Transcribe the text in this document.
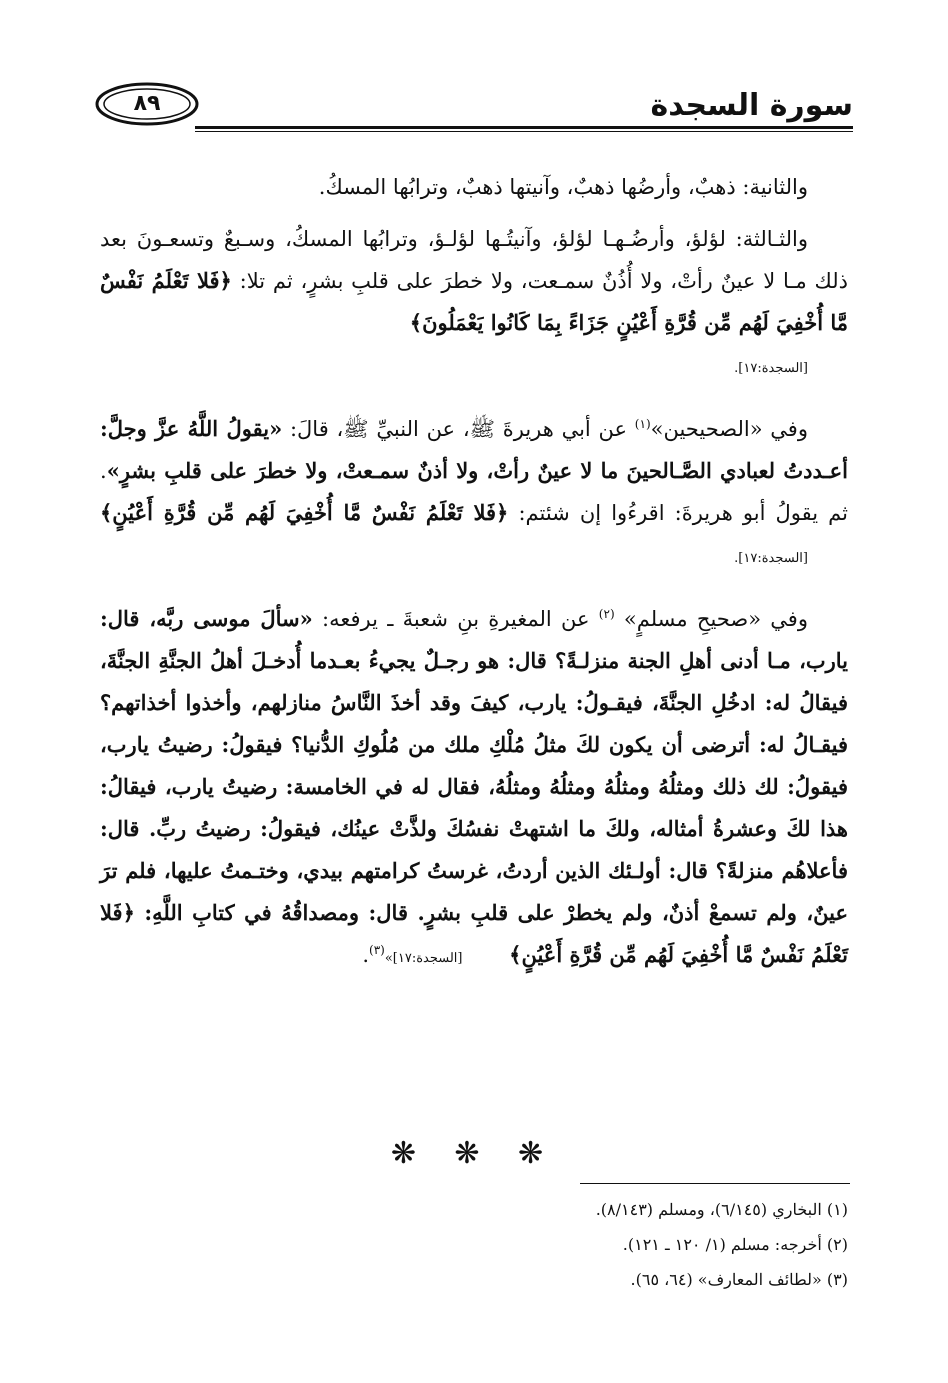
سورة السجدة
٨٩

والثانية: ذهبٌ، وأرضُها ذهبٌ، وآنيتها ذهبٌ، وترابُها المسكُ.

والثـالثة: لؤلؤ، وأرضُـهـا لؤلؤ، وآنيتُـها لؤلـؤ، وترابُها المسكُ، وسـبعٌ وتسعـونَ بعد ذلك مـا لا عينٌ رأتْ، ولا أُذُنٌ سمـعت، ولا خطرَ على قلبِ بشرٍ، ثم تلا: ﴿فَلا تَعْلَمُ نَفْسٌ مَّا أُخْفِيَ لَهُم مِّن قُرَّةِ أَعْيُنٍ جَزَاءً بِمَا كَانُوا يَعْمَلُونَ﴾
[السجدة:١٧].

وفي «الصحيحين»$^{(١)}$ عن أبي هريرةَ ﷺ، عن النبيِّ ﷺ، قالَ: «يقولُ اللَّهُ عزَّ وجلَّ: أعـددتُ لعبادي الصَّـالحينَ ما لا عينٌ رأتْ، ولا أذنٌ سمـعتْ، ولا خطرَ على قلبِ بشرٍ». ثم يقولُ أبو هريرةَ: اقرءُوا إن شئتم: ﴿فَلا تَعْلَمُ نَفْسٌ مَّا أُخْفِيَ لَهُم مِّن قُرَّةِ أَعْيُنٍ﴾ [السجدة:١٧].

وفي «صحيحِ مسلمٍ» $^{(٢)}$ عن المغيرةِ بنِ شعبةَ ـ يرفعه: «سألَ موسى ربَّه، قال: يارب، مـا أدنى أهلِ الجنة منزلـةً؟ قال: هو رجـلٌ يجيءُ بعـدما أُدخـلَ أهلُ الجنَّةِ الجنَّةَ، فيقالُ له: ادخُلِ الجنَّةَ، فيقـولُ: يارب، كيفَ وقد أخذَ النَّاسُ منازلهم، وأخذوا أخذاتهم؟ فيقـالُ له: أترضى أن يكون لكَ مثلُ مُلْكِ ملك من مُلُوكِ الدُّنيا؟ فيقولُ: رضيتُ يارب، فيقولُ: لك ذلك ومثلُهُ ومثلُهُ ومثلُهُ ومثلُهُ، فقال له في الخامسة: رضيتُ يارب، فيقالُ: هذا لكَ وعشرةُ أمثاله، ولكَ ما اشتهتْ نفسُكَ ولذَّتْ عينُك، فيقولُ: رضيتُ ربِّ. قال: فأعلاهُم منزلةً؟ قال: أولـئك الذين أردتُ، غرستُ كرامتهم بيدي، وختـمتُ عليها، فلم ترَ عينٌ، ولم تسمعْ أذنٌ، ولم يخطرْ على قلبِ بشرٍ. قال: ومصداقُهُ في كتابِ اللَّهِ: ﴿فَلا تَعْلَمُ نَفْسٌ مَّا أُخْفِيَ لَهُم مِّن قُرَّةِ أَعْيُنٍ﴾ [السجدة:١٧]»$^{(٣)}$.

❋ ❋ ❋
(١) البخاري (٦/١٤٥)، ومسلم (٨/١٤٣).
(٢) أخرجه: مسلم (١/ ١٢٠ ـ ١٢١).
(٣) «لطائف المعارف» (٦٤، ٦٥).
